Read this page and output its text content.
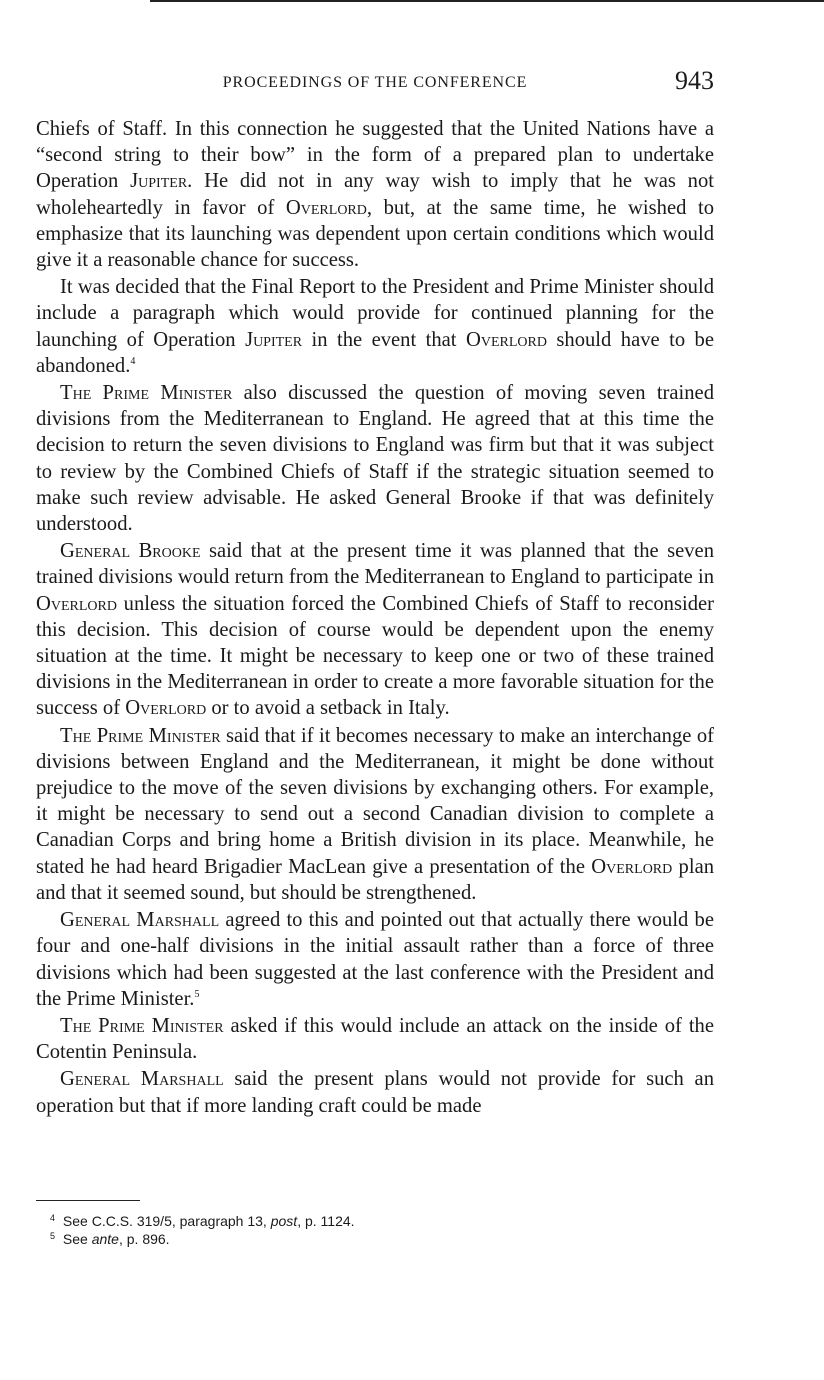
PROCEEDINGS OF THE CONFERENCE	943

Chiefs of Staff. In this connection he suggested that the United Nations have a “second string to their bow” in the form of a prepared plan to undertake Operation Jupiter. He did not in any way wish to imply that he was not wholeheartedly in favor of Overlord, but, at the same time, he wished to emphasize that its launching was dependent upon certain conditions which would give it a reasonable chance for success.

It was decided that the Final Report to the President and Prime Minister should include a paragraph which would provide for continued planning for the launching of Operation Jupiter in the event that Overlord should have to be abandoned.$^4$

The Prime Minister also discussed the question of moving seven trained divisions from the Mediterranean to England. He agreed that at this time the decision to return the seven divisions to England was firm but that it was subject to review by the Combined Chiefs of Staff if the strategic situation seemed to make such review advisable. He asked General Brooke if that was definitely understood.

General Brooke said that at the present time it was planned that the seven trained divisions would return from the Mediterranean to England to participate in Overlord unless the situation forced the Combined Chiefs of Staff to reconsider this decision. This decision of course would be dependent upon the enemy situation at the time. It might be necessary to keep one or two of these trained divisions in the Mediterranean in order to create a more favorable situation for the success of Overlord or to avoid a setback in Italy.

The Prime Minister said that if it becomes necessary to make an interchange of divisions between England and the Mediterranean, it might be done without prejudice to the move of the seven divisions by exchanging others. For example, it might be necessary to send out a second Canadian division to complete a Canadian Corps and bring home a British division in its place. Meanwhile, he stated he had heard Brigadier MacLean give a presentation of the Overlord plan and that it seemed sound, but should be strengthened.

General Marshall agreed to this and pointed out that actually there would be four and one-half divisions in the initial assault rather than a force of three divisions which had been suggested at the last conference with the President and the Prime Minister.$^5$

The Prime Minister asked if this would include an attack on the inside of the Cotentin Peninsula.

General Marshall said the present plans would not provide for such an operation but that if more landing craft could be made

$^4$ See C.C.S. 319/5, paragraph 13, post, p. 1124.
$^5$ See ante, p. 896.
